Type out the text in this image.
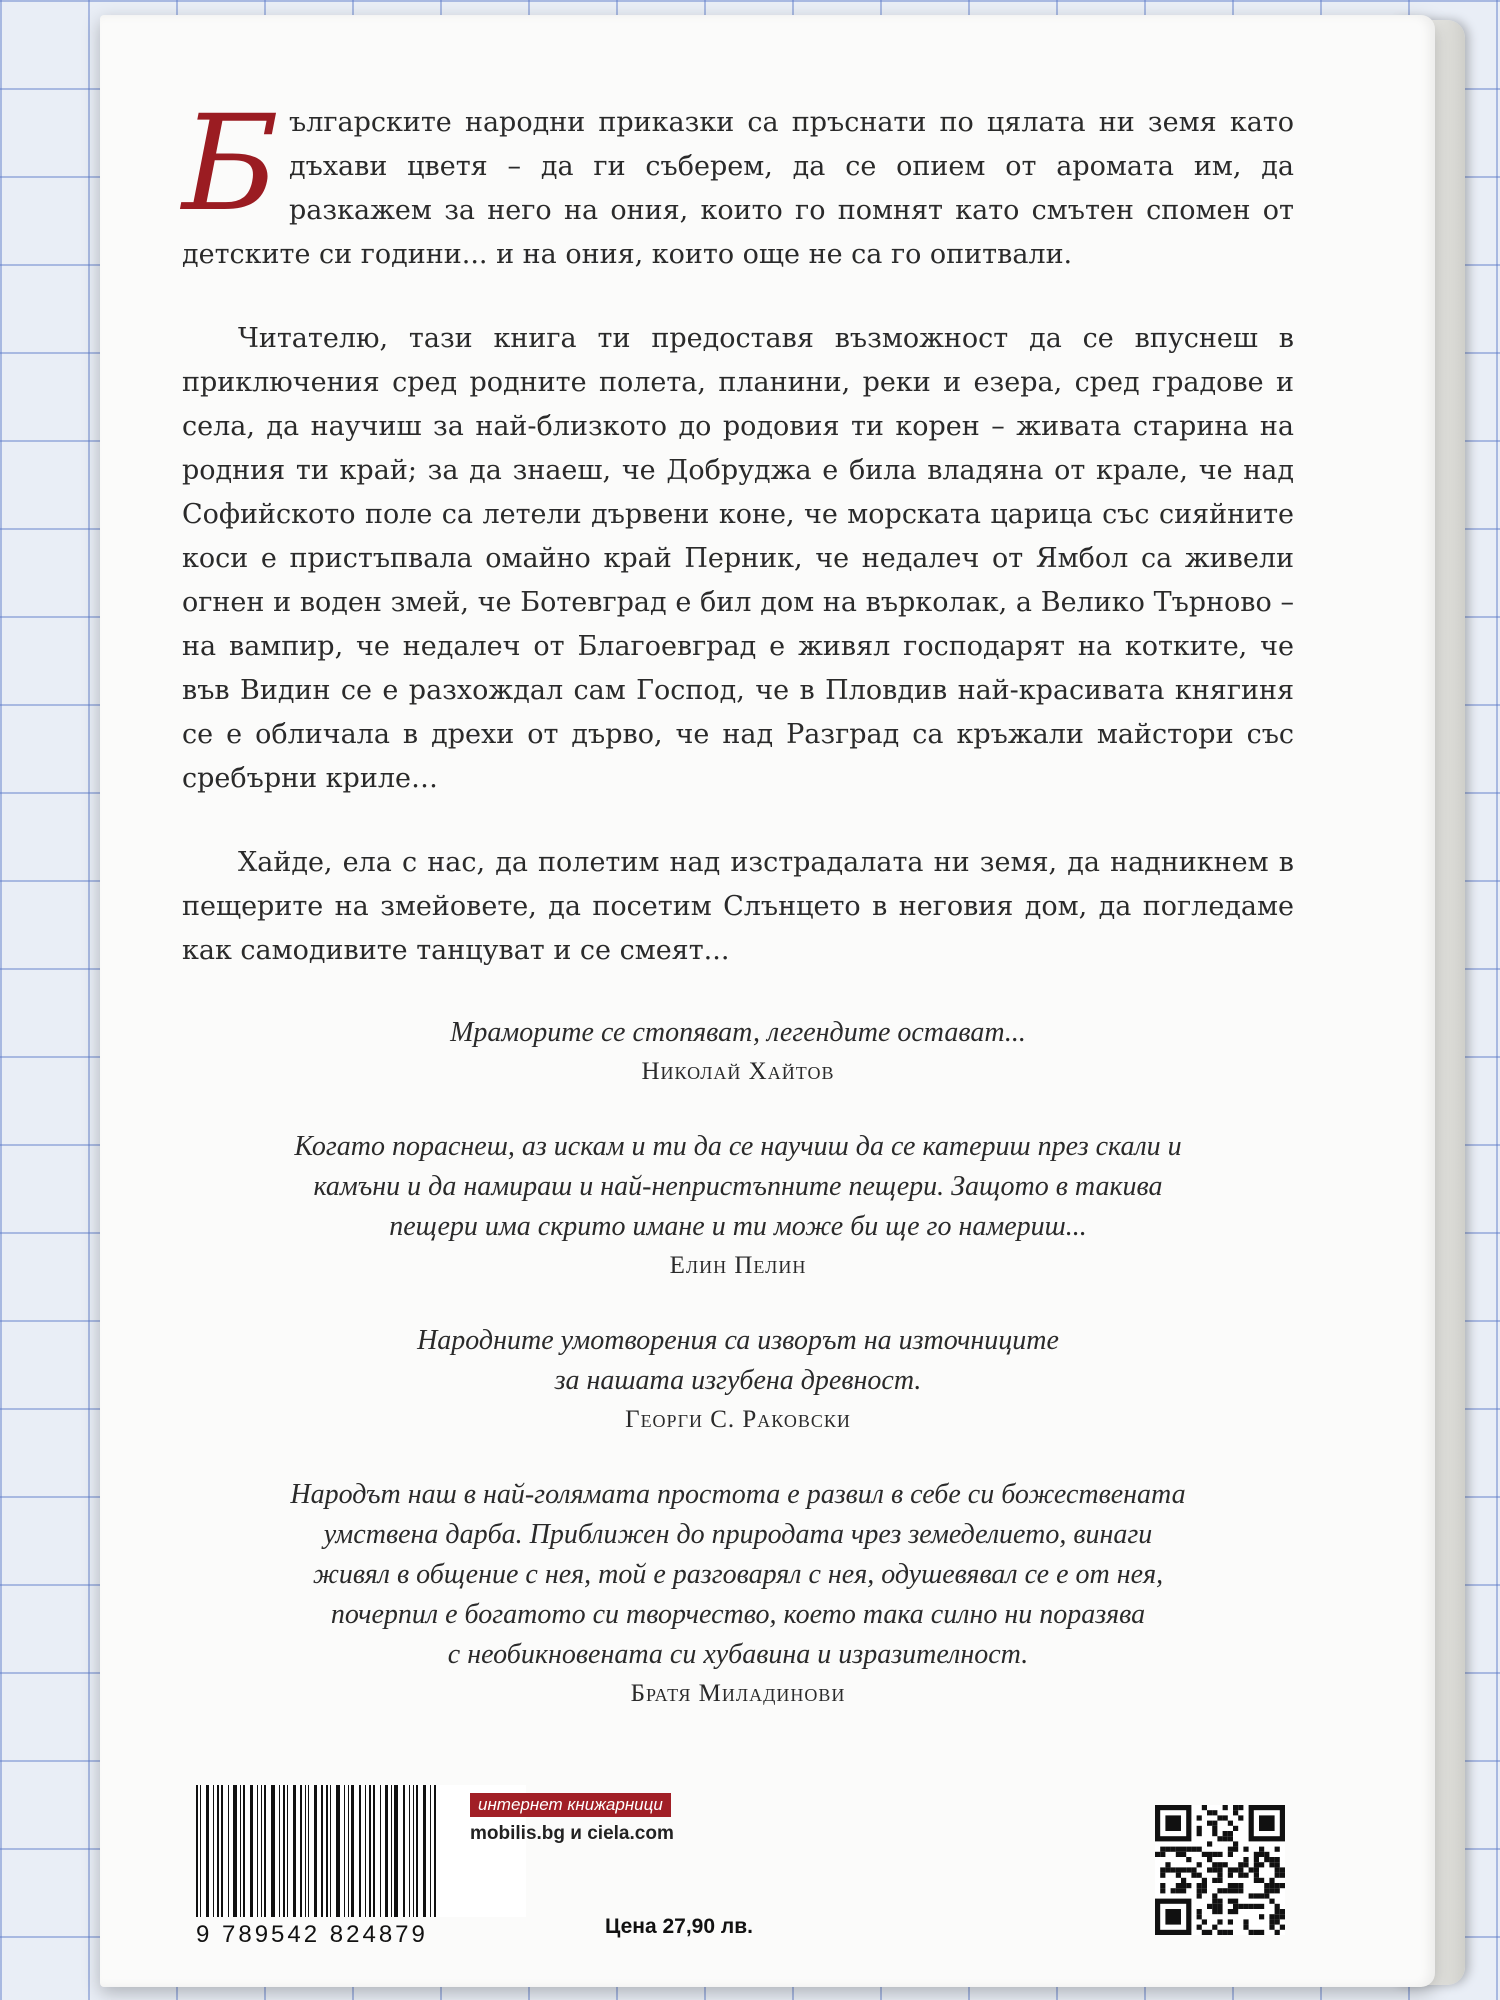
Българските народни приказки са пръснати по цялата ни земя като дъхави цветя – да ги съберем, да се опием от аромата им, да разкажем за него на ония, които го помнят като смътен спомен от детските си години... и на ония, които още не са го опитвали.

Читателю, тази книга ти предоставя възможност да се впуснеш в приключения сред родните полета, планини, реки и езера, сред градове и села, да научиш за най-близкото до родовия ти корен – живата старина на родния ти край; за да знаеш, че Добруджа е била владяна от крале, че над Софийското поле са летели дървени коне, че морската царица със сияйните коси е пристъпвала омайно край Перник, че недалеч от Ямбол са живели огнен и воден змей, че Ботевград е бил дом на върколак, а Велико Търново – на вампир, че недалеч от Благоевград е живял господарят на котките, че във Видин се е разхождал сам Господ, че в Пловдив най-красивата княгиня се е обличала в дрехи от дърво, че над Разград са кръжали майстори със сребърни криле…

Хайде, ела с нас, да полетим над изстрадалата ни земя, да надникнем в пещерите на змейовете, да посетим Слънцето в неговия дом, да погледаме как самодивите танцуват и се смеят...

Мраморите се стопяват, легендите остават...
Николай Хайтов
Когато пораснеш, аз искам и ти да се научиш да се катериш през скали и
камъни и да намираш и най-непристъпните пещери. Защото в такива
пещери има скрито имане и ти може би ще го намериш...
Елин Пелин
Народните умотворения са изворът на източниците
за нашата изгубена древност.
Георги С. Раковски
Народът наш в най-голямата простота е развил в себе си божествената
умствена дарба. Приближен до природата чрез земеделието, винаги
живял в общение с нея, той е разговарял с нея, одушевявал се е от нея,
почерпил е богатото си творчество, което така силно ни поразява
с необикновената си хубавина и изразителност.
Братя Миладинови
9 789542 824879
интернет книжарници
mobilis.bg и ciela.com
Цена 27,90 лв.
